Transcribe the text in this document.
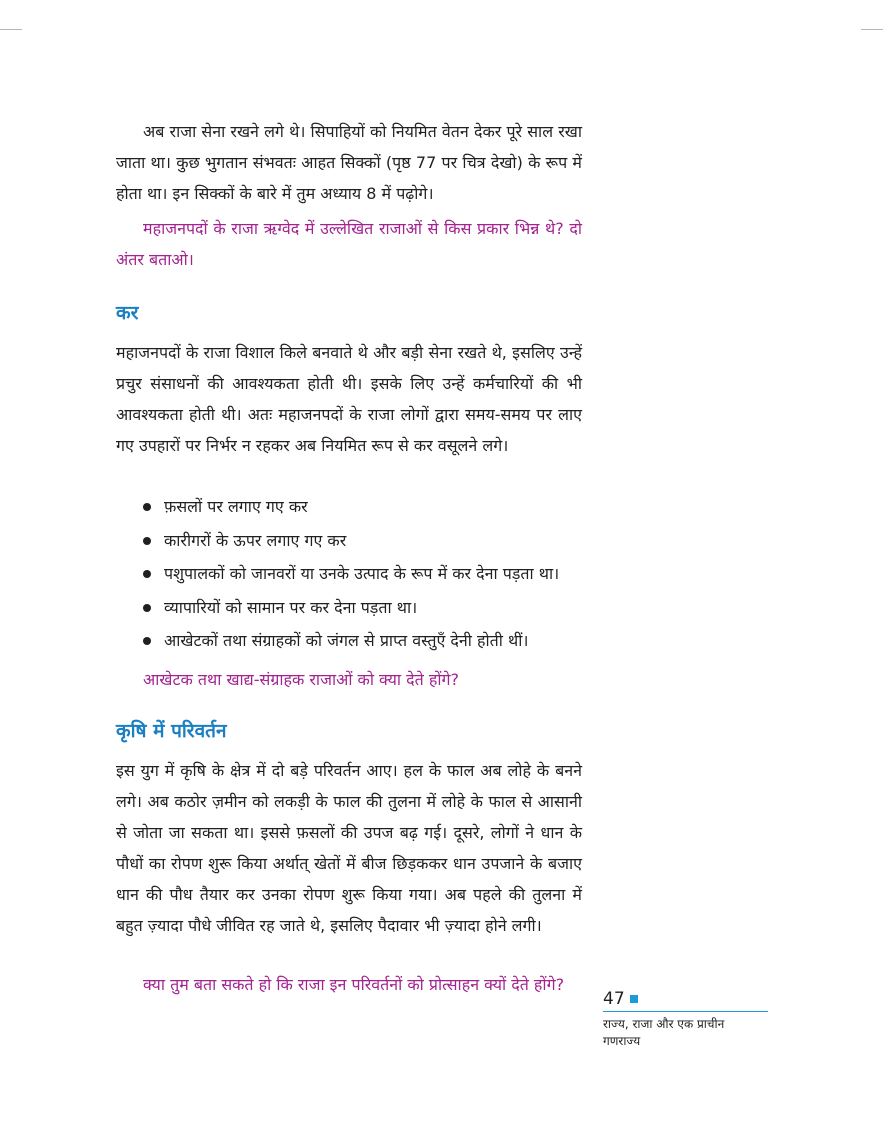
अब राजा सेना रखने लगे थे। सिपाहियों को नियमित वेतन देकर पूरे साल रखा जाता था। कुछ भुगतान संभवतः आहत सिक्कों (पृष्ठ 77 पर चित्र देखो) के रूप में होता था। इन सिक्कों के बारे में तुम अध्याय 8 में पढ़ोगे।

महाजनपदों के राजा ऋग्वेद में उल्लेखित राजाओं से किस प्रकार भिन्न थे? दो अंतर बताओ।

कर

महाजनपदों के राजा विशाल किले बनवाते थे और बड़ी सेना रखते थे, इसलिए उन्हें प्रचुर संसाधनों की आवश्यकता होती थी। इसके लिए उन्हें कर्मचारियों की भी आवश्यकता होती थी। अतः महाजनपदों के राजा लोगों द्वारा समय-समय पर लाए गए उपहारों पर निर्भर न रहकर अब नियमित रूप से कर वसूलने लगे।

फ़सलों पर लगाए गए कर
कारीगरों के ऊपर लगाए गए कर
पशुपालकों को जानवरों या उनके उत्पाद के रूप में कर देना पड़ता था।
व्यापारियों को सामान पर कर देना पड़ता था।
आखेटकों तथा संग्राहकों को जंगल से प्राप्त वस्तुएँ देनी होती थीं।

आखेटक तथा खाद्य-संग्राहक राजाओं को क्या देते होंगे?

कृषि में परिवर्तन

इस युग में कृषि के क्षेत्र में दो बड़े परिवर्तन आए। हल के फाल अब लोहे के बनने लगे। अब कठोर ज़मीन को लकड़ी के फाल की तुलना में लोहे के फाल से आसानी से जोता जा सकता था। इससे फ़सलों की उपज बढ़ गई। दूसरे, लोगों ने धान के पौधों का रोपण शुरू किया अर्थात् खेतों में बीज छिड़ककर धान उपजाने के बजाए धान की पौध तैयार कर उनका रोपण शुरू किया गया। अब पहले की तुलना में बहुत ज़्यादा पौधे जीवित रह जाते थे, इसलिए पैदावार भी ज़्यादा होने लगी।

क्या तुम बता सकते हो कि राजा इन परिवर्तनों को प्रोत्साहन क्यों देते होंगे?

47
राज्य, राजा और एक प्राचीन गणराज्य
